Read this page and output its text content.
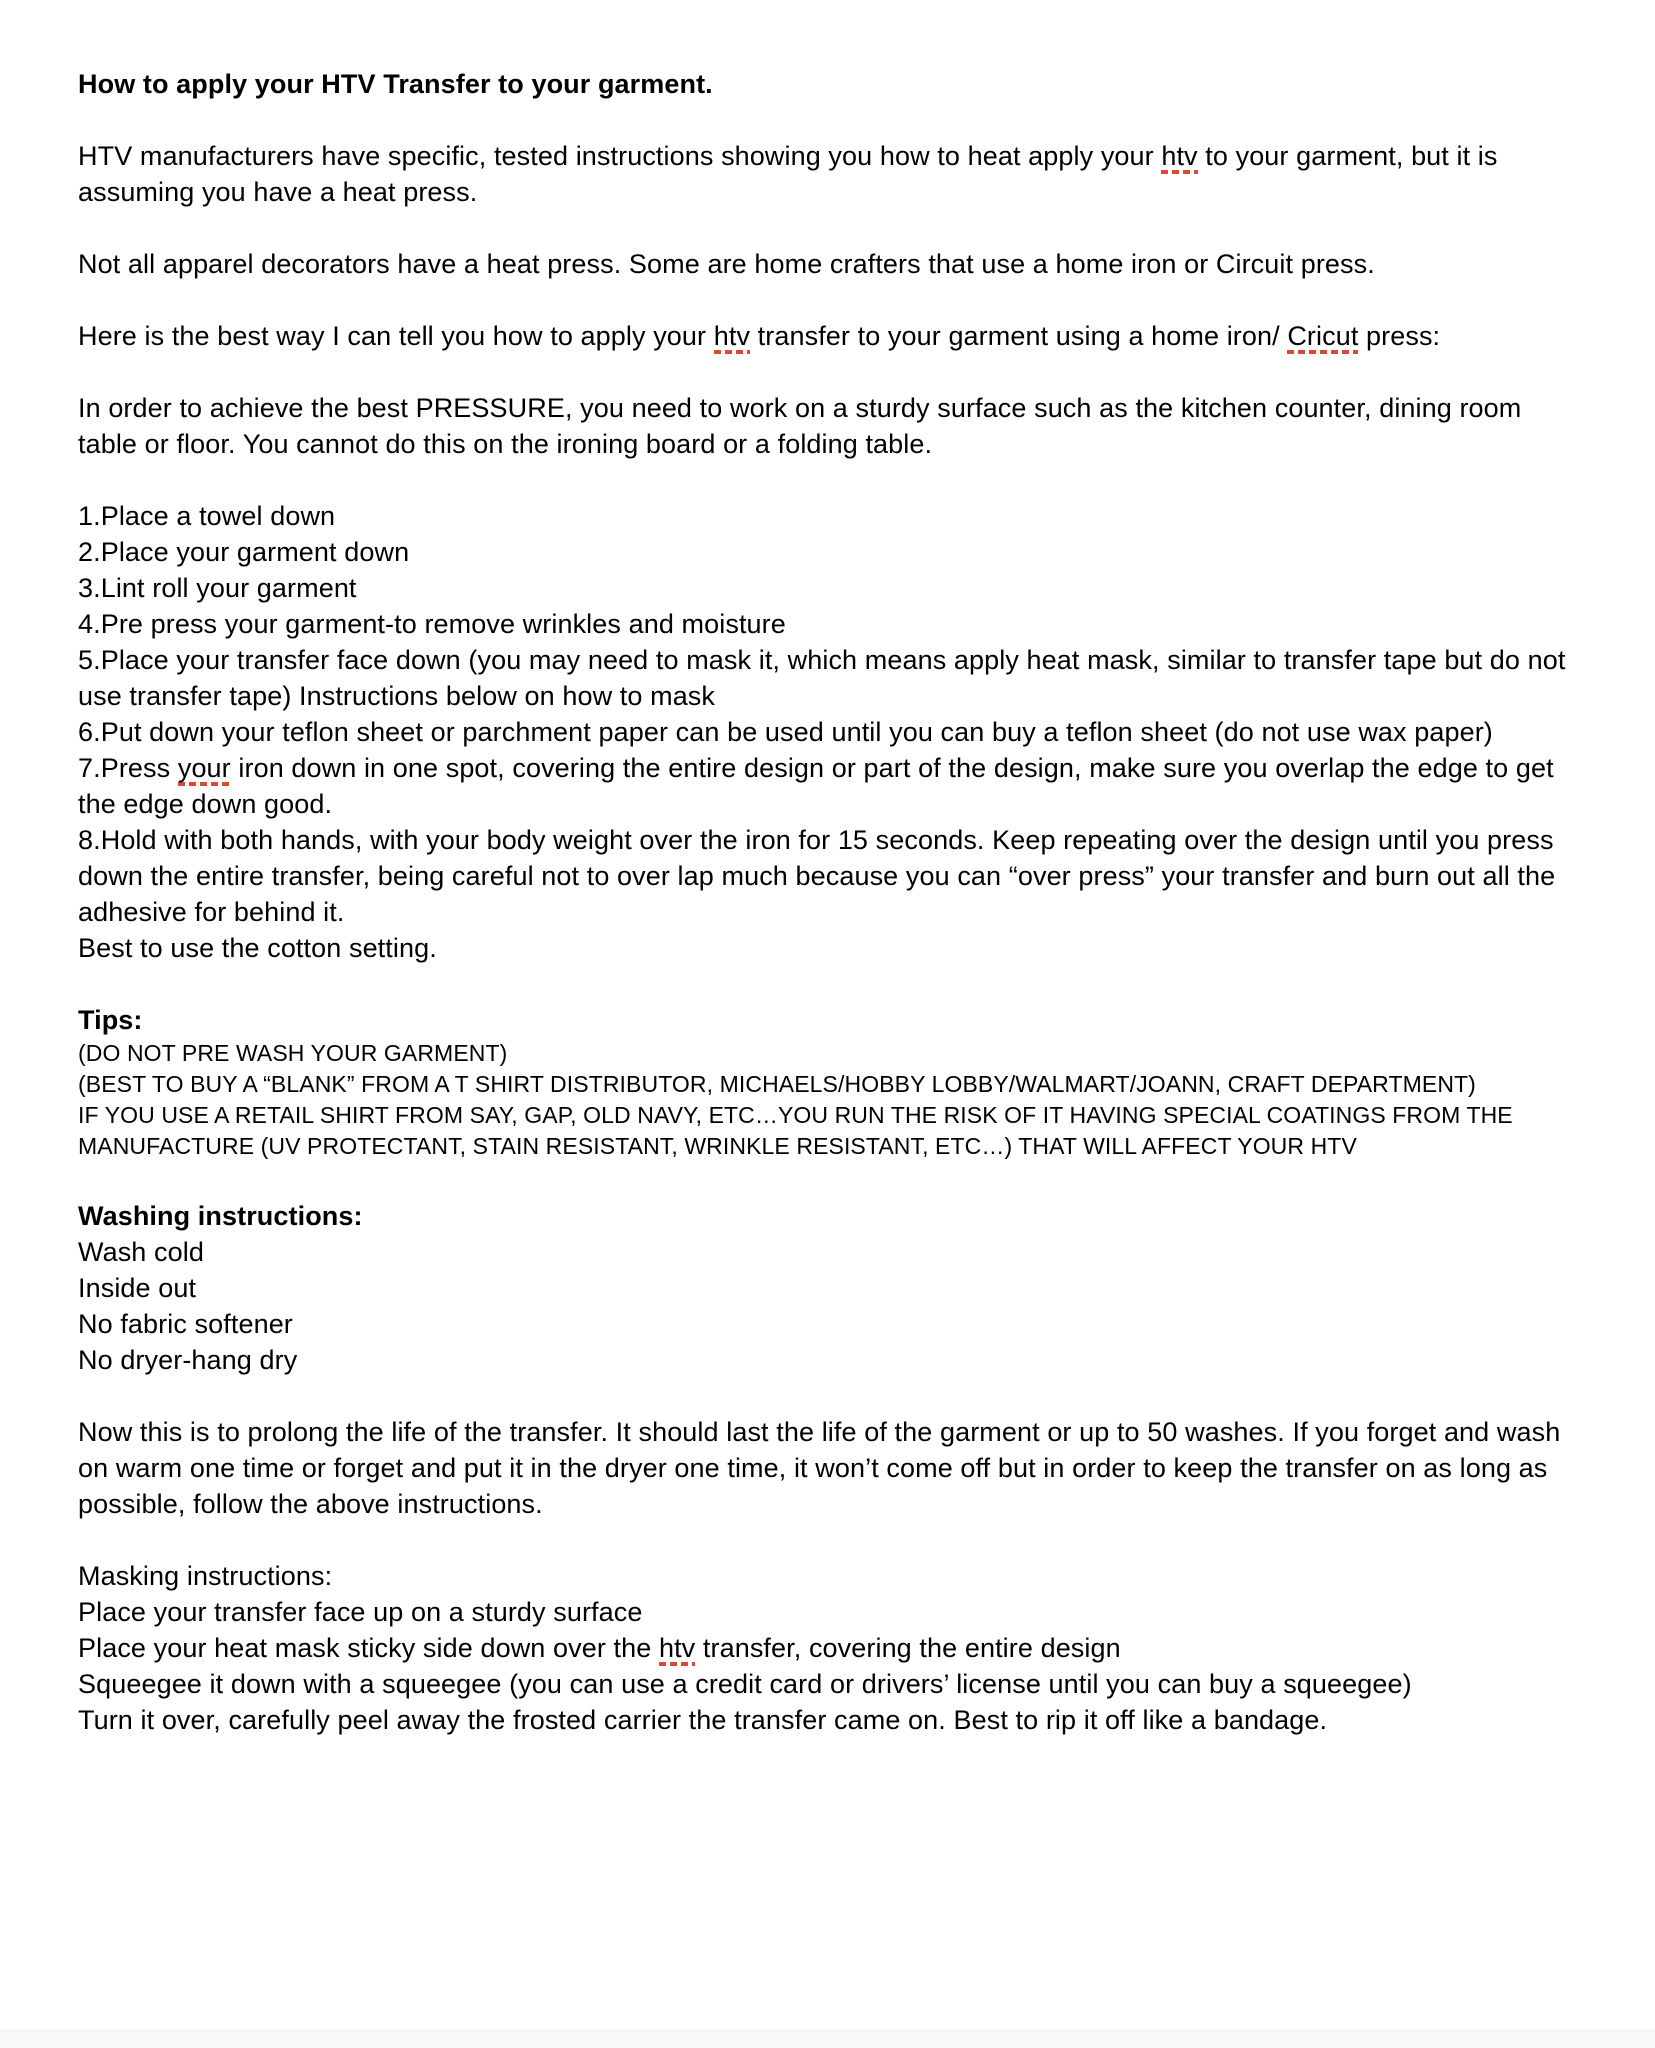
How to apply your HTV Transfer to your garment.
HTV manufacturers have specific, tested instructions showing you how to heat apply your htv to your garment, but it is assuming you have a heat press.
Not all apparel decorators have a heat press. Some are home crafters that use a home iron or Circuit press.
Here is the best way I can tell you how to apply your htv transfer to your garment using a home iron/ Cricut press:
In order to achieve the best PRESSURE, you need to work on a sturdy surface such as the kitchen counter, dining room table or floor. You cannot do this on the ironing board or a folding table.
1.Place a towel down
2.Place your garment down
3.Lint roll your garment
4.Pre press your garment-to remove wrinkles and moisture
5.Place your transfer face down (you may need to mask it, which means apply heat mask, similar to transfer tape but do not use transfer tape) Instructions below on how to mask
6.Put down your teflon sheet or parchment paper can be used until you can buy a teflon sheet (do not use wax paper)
7.Press your iron down in one spot, covering the entire design or part of the design, make sure you overlap the edge to get the edge down good.
8.Hold with both hands, with your body weight over the iron for 15 seconds. Keep repeating over the design until you press down the entire transfer, being careful not to over lap much because you can “over press” your transfer and burn out all the adhesive for behind it.
Best to use the cotton setting.
Tips:
(DO NOT PRE WASH YOUR GARMENT)
(BEST TO BUY A “BLANK” FROM A T SHIRT DISTRIBUTOR, MICHAELS/HOBBY LOBBY/WALMART/JOANN, CRAFT DEPARTMENT)
IF YOU USE A RETAIL SHIRT FROM SAY, GAP, OLD NAVY, ETC…YOU RUN THE RISK OF IT HAVING SPECIAL COATINGS FROM THE MANUFACTURE (UV PROTECTANT, STAIN RESISTANT, WRINKLE RESISTANT, ETC…) THAT WILL AFFECT YOUR HTV
Washing instructions:
Wash cold
Inside out
No fabric softener
No dryer-hang dry
Now this is to prolong the life of the transfer. It should last the life of the garment or up to 50 washes. If you forget and wash on warm one time or forget and put it in the dryer one time, it won’t come off but in order to keep the transfer on as long as possible, follow the above instructions.
Masking instructions:
Place your transfer face up on a sturdy surface
Place your heat mask sticky side down over the htv transfer, covering the entire design
Squeegee it down with a squeegee (you can use a credit card or drivers’ license until you can buy a squeegee)
Turn it over, carefully peel away the frosted carrier the transfer came on. Best to rip it off like a bandage.
